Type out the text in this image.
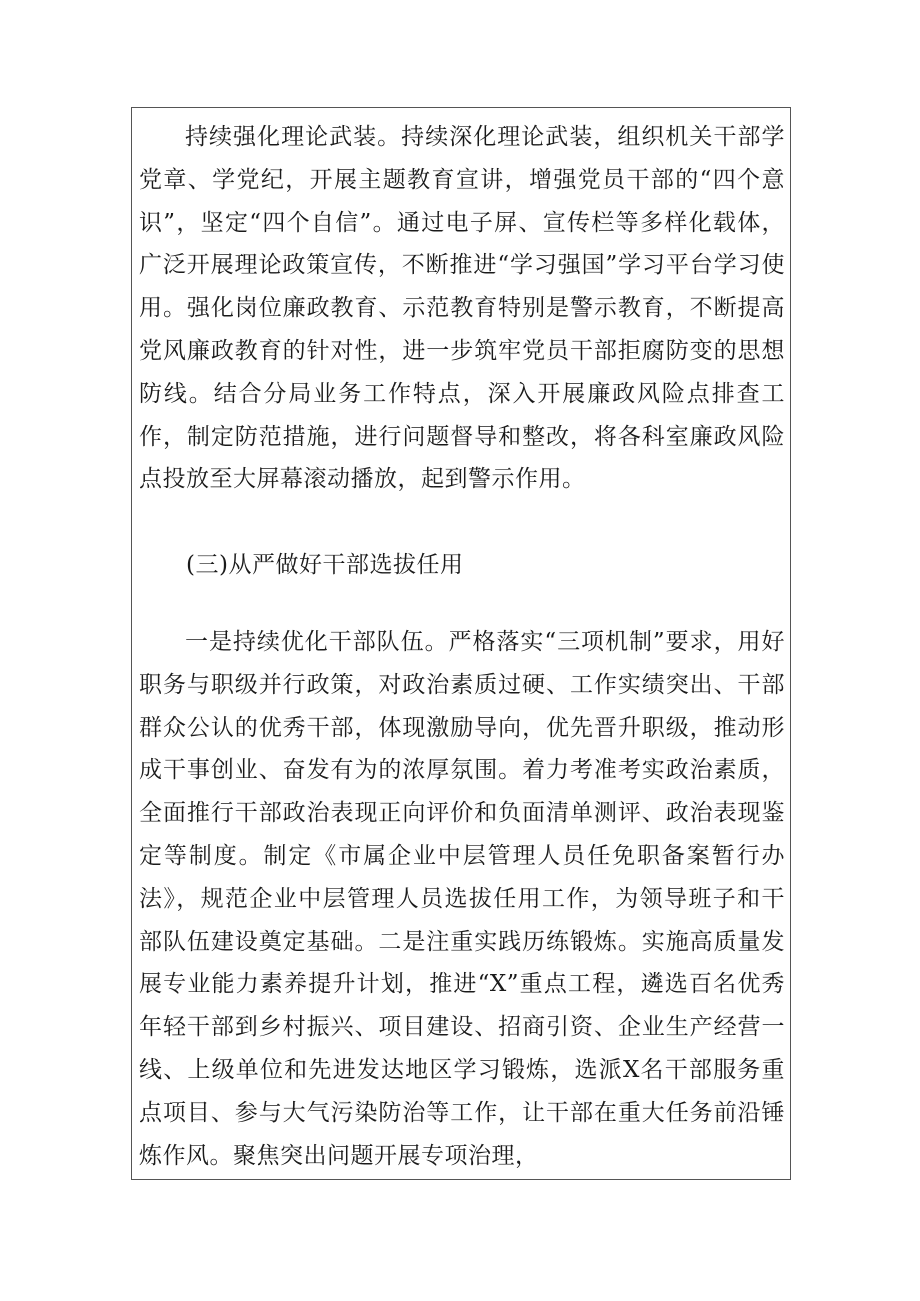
持续强化理论武装。持续深化理论武装，组织机关干部学党章、学党纪，开展主题教育宣讲，增强党员干部的“四个意识”，坚定“四个自信”。通过电子屏、宣传栏等多样化载体，广泛开展理论政策宣传，不断推进“学习强国”学习平台学习使用。强化岗位廉政教育、示范教育特别是警示教育，不断提高党风廉政教育的针对性，进一步筑牢党员干部拒腐防变的思想防线。结合分局业务工作特点，深入开展廉政风险点排查工作，制定防范措施，进行问题督导和整改，将各科室廉政风险点投放至大屏幕滚动播放，起到警示作用。

(三)从严做好干部选拔任用

一是持续优化干部队伍。严格落实“三项机制”要求，用好职务与职级并行政策，对政治素质过硬、工作实绩突出、干部群众公认的优秀干部，体现激励导向，优先晋升职级，推动形成干事创业、奋发有为的浓厚氛围。着力考准考实政治素质，全面推行干部政治表现正向评价和负面清单测评、政治表现鉴定等制度。制定《市属企业中层管理人员任免职备案暂行办法》，规范企业中层管理人员选拔任用工作，为领导班子和干部队伍建设奠定基础。二是注重实践历练锻炼。实施高质量发展专业能力素养提升计划，推进“X”重点工程，遴选百名优秀年轻干部到乡村振兴、项目建设、招商引资、企业生产经营一线、上级单位和先进发达地区学习锻炼，选派X名干部服务重点项目、参与大气污染防治等工作，让干部在重大任务前沿锤炼作风。聚焦突出问题开展专项治理，
